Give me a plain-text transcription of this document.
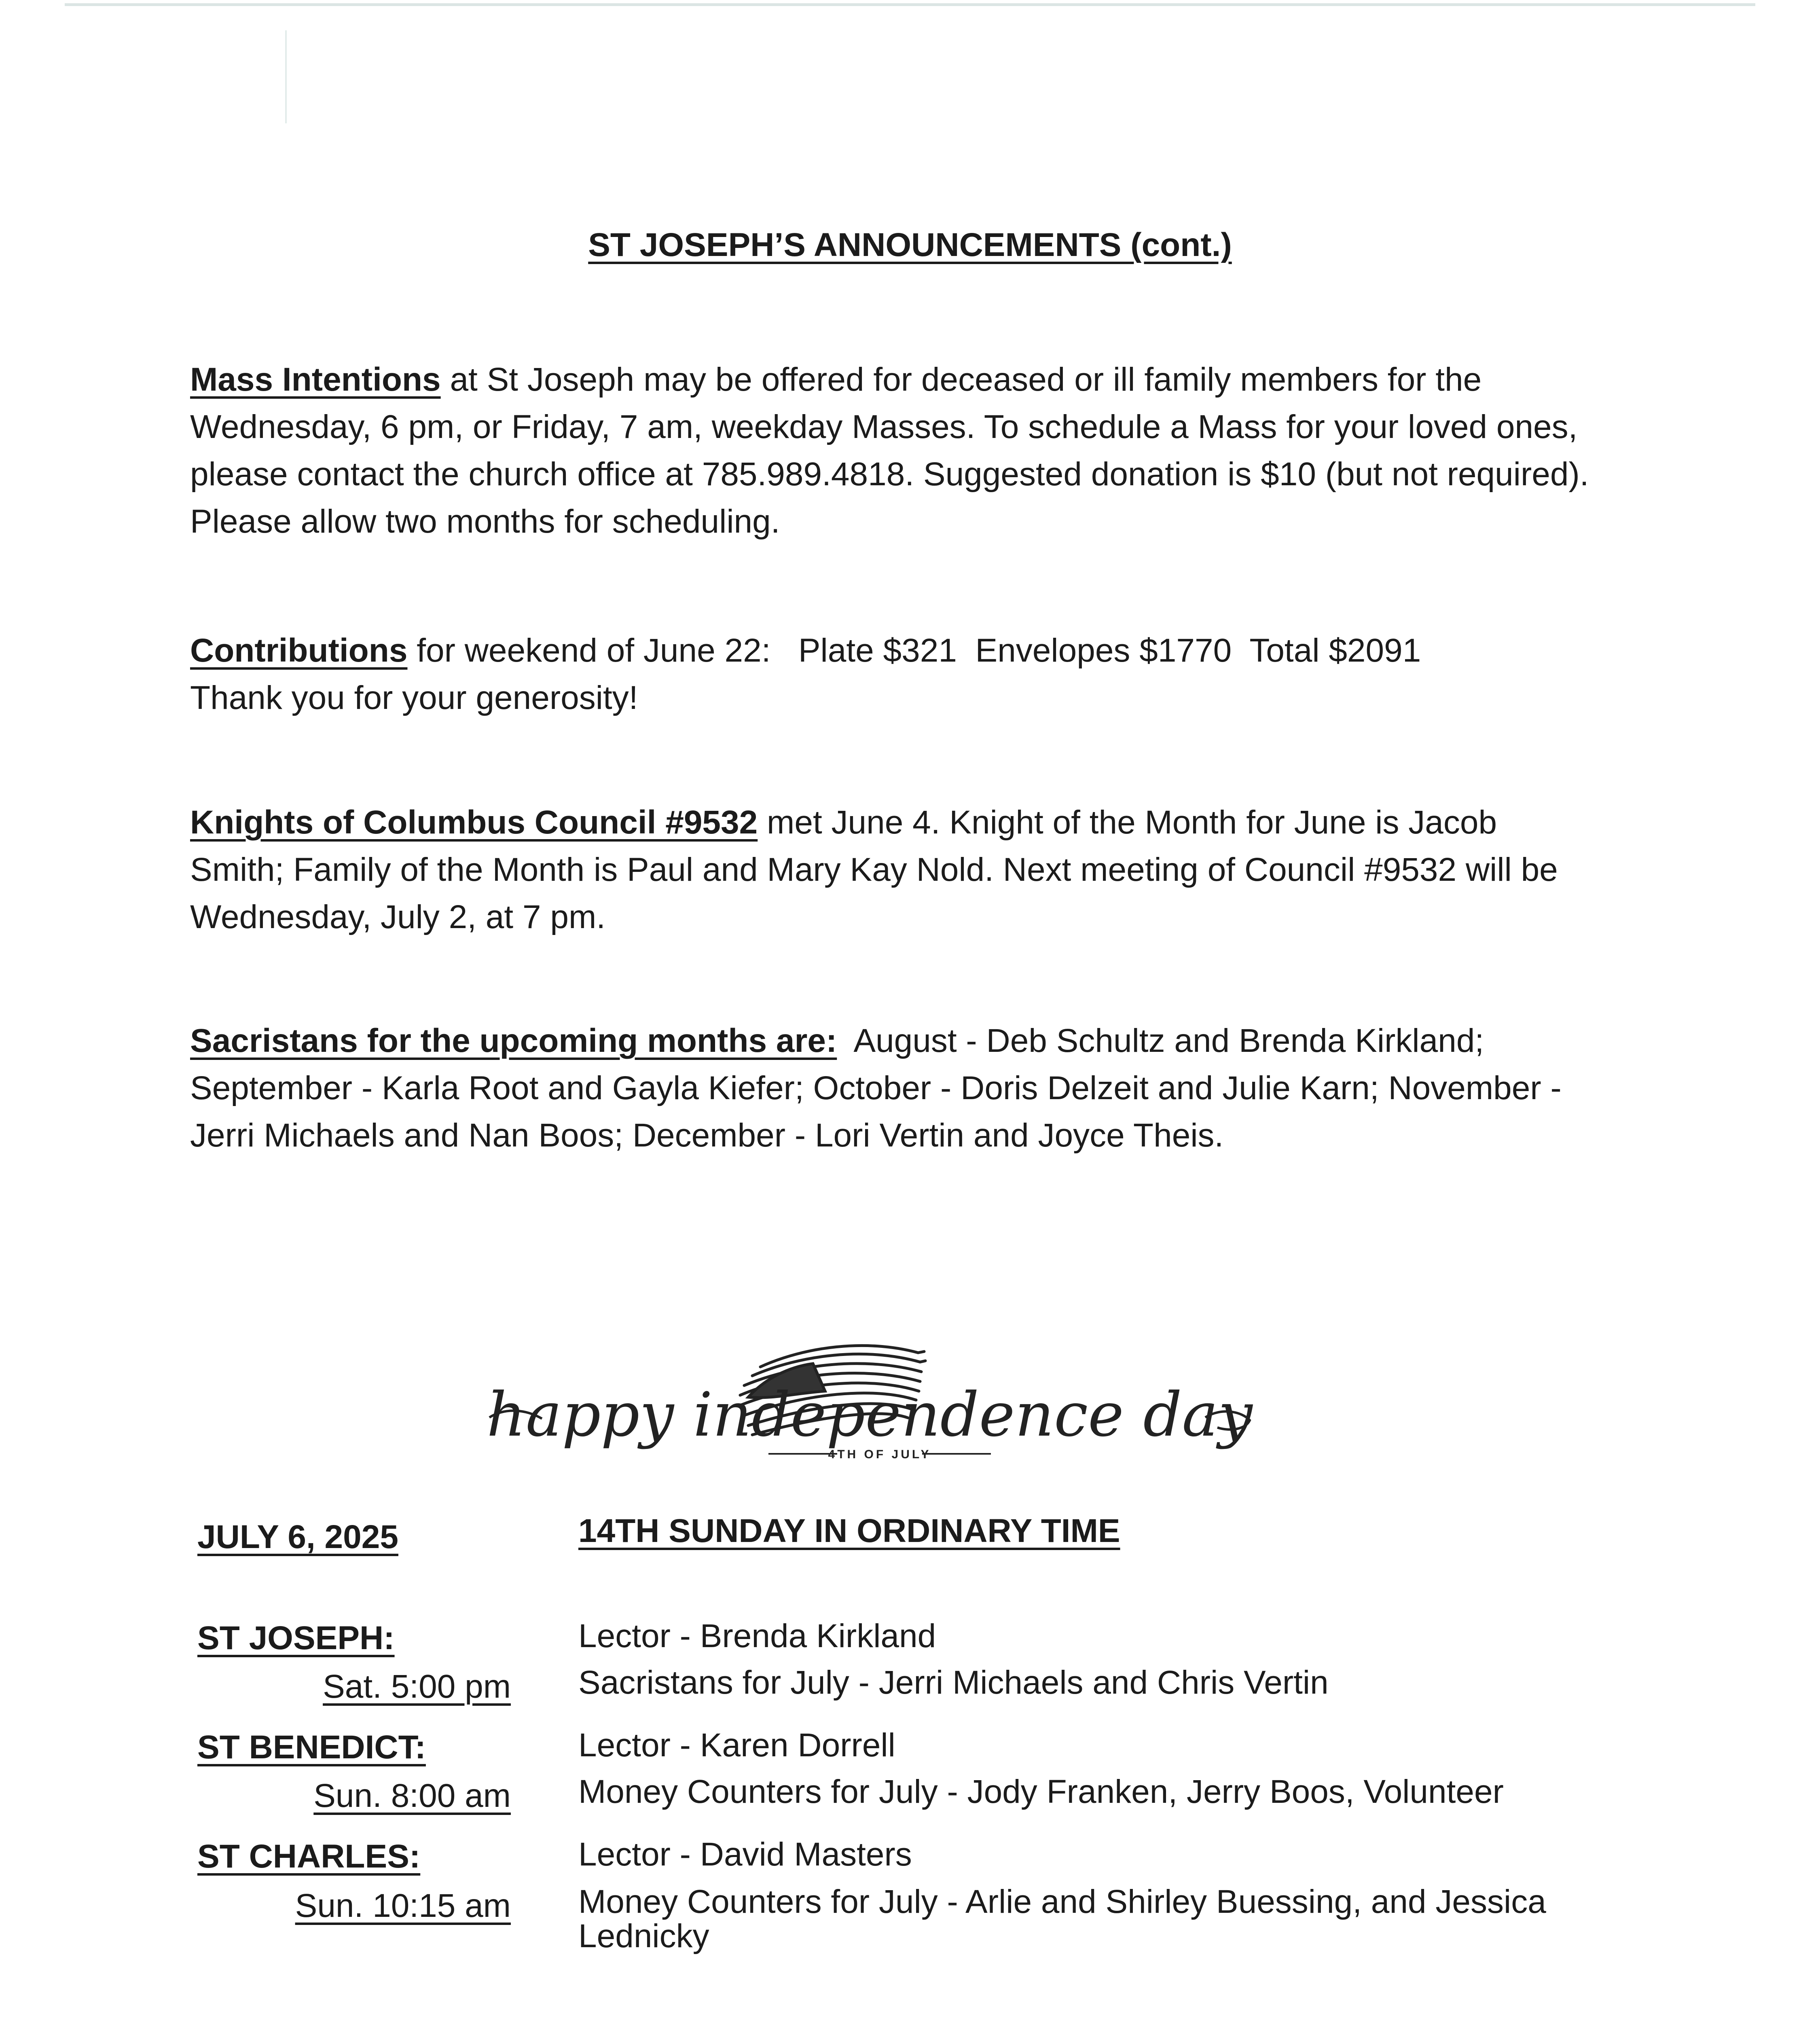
ST JOSEPH’S ANNOUNCEMENTS (cont.)

Mass Intentions at St Joseph may be offered for deceased or ill family members for the Wednesday, 6 pm, or Friday, 7 am, weekday Masses. To schedule a Mass for your loved ones, please contact the church office at 785.989.4818. Suggested donation is $10 (but not required). Please allow two months for scheduling.

Contributions for weekend of June 22:   Plate $321  Envelopes $1770  Total $2091
Thank you for your generosity!

Knights of Columbus Council #9532 met June 4. Knight of the Month for June is Jacob Smith; Family of the Month is Paul and Mary Kay Nold. Next meeting of Council #9532 will be Wednesday, July 2, at 7 pm.

Sacristans for the upcoming months are:  August - Deb Schultz and Brenda Kirkland; September - Karla Root and Gayla Kiefer; October - Doris Delzeit and Julie Karn; November - Jerri Michaels and Nan Boos; December - Lori Vertin and Joyce Theis.

happy independence day
4TH OF JULY
JULY 6, 2025	14TH SUNDAY IN ORDINARY TIME
ST JOSEPH:	Lector - Brenda Kirkland
Sat. 5:00 pm Sacristans for July - Jerri Michaels and Chris Vertin
ST BENEDICT:	Lector - Karen Dorrell
Sun. 8:00 am Money Counters for July - Jody Franken, Jerry Boos, Volunteer
ST CHARLES:	Lector - David Masters
Sun. 10:15 am Money Counters for July - Arlie and Shirley Buessing, and Jessica Lednicky
